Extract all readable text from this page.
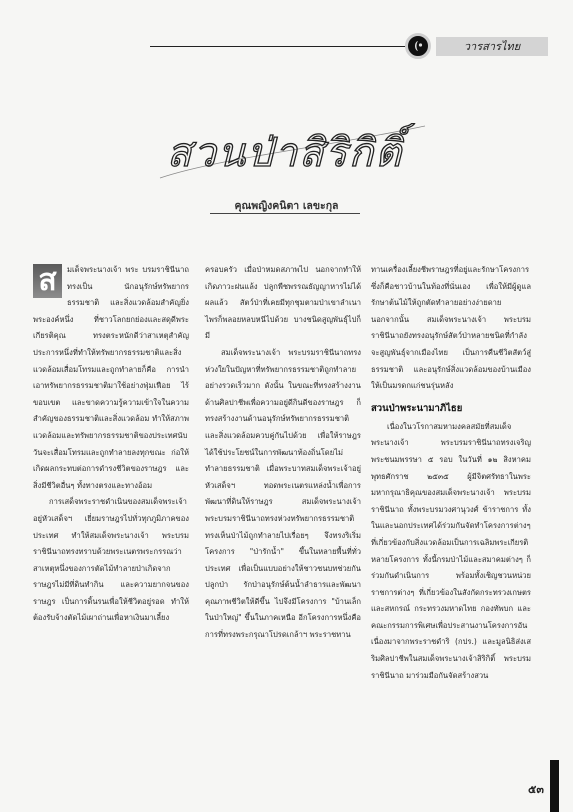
วารสารไทย
สวนป่าสิริกิติ์
คุณพญิงคนิตา เลขะกุล
ส	มเด็จพระนางเจ้า พระ บรมราชินีนาถ ทรงเป็น นักอนุรักษ์ทรัพยากร ธรรมชาติ และสิ่งแวดล้อมสำคัญยิ่ง พระองค์หนึ่ง ที่ชาวโลกยกย่องและสดุดีพระเกียรติคุณ ทรงตระหนักดีว่าสาเหตุสำคัญประการหนึ่งที่ทำให้ทรัพยากรธรรมชาติและสิ่งแวดล้อมเสื่อมโทรมและถูกทำลายก็คือ การนำเอาทรัพยากรธรรมชาติมาใช้อย่างฟุ่มเฟือย ไร้ขอบเขต และขาดความรู้ความเข้าใจในความสำคัญของธรรมชาติและสิ่งแวดล้อม ทำให้สภาพแวดล้อมและทรัพยากรธรรมชาติของประเทศนับวันจะเสื่อมโทรมและถูกทำลายลงทุกขณะ ก่อให้เกิดผลกระทบต่อการดำรงชีวิตของราษฎร และสิ่งมีชีวิตอื่นๆ ทั้งทางตรงและทางอ้อม

การเสด็จพระราชดำเนินของสมเด็จพระเจ้าอยู่หัวเสด็จฯ เยี่ยมราษฎรไปทั่วทุกภูมิภาคของประเทศ ทำให้สมเด็จพระนางเจ้า พระบรมราชินีนาถทรงทราบด้วยพระเนตรพระกรรณว่าสาเหตุหนึ่งของการตัดไม้ทำลายป่าเกิดจากราษฎรไม่มีที่ดินทำกิน และความยากจนของราษฎร เป็นการดิ้นรนเพื่อให้ชีวิตอยู่รอด ทำให้ต้องรับจ้างตัดไม้เผาถ่านเพื่อหาเงินมาเลี้ยง

ครอบครัว เมื่อป่าหมดสภาพไป นอกจากทำให้เกิดภาวะฝนแล้ง ปลูกพืชพรรณธัญญาหารไม่ได้ผลแล้ว สัตว์ป่าที่เคยมีทุกชุมตามป่าเขาลำเนาไพรก็พลอยหลบหนีไปด้วย บางชนิดสูญพันธุ์ไปก็มี

สมเด็จพระนางเจ้า พระบรมราชินีนาถทรงห่วงใยในปัญหาที่ทรัพยากรธรรมชาติถูกทำลายอย่างรวดเร็วมาก ดังนั้น ในขณะที่ทรงสร้างงานด้านศิลปาชีพเพื่อความอยู่ดีกินดีของราษฎร ก็ทรงสร้างงานด้านอนุรักษ์ทรัพยากรธรรมชาติและสิ่งแวดล้อมควบคู่กันไปด้วย เพื่อให้ราษฎรได้ใช้ประโยชน์ในการพัฒนาท้องถิ่นโดยไม่ทำลายธรรมชาติ เมื่อพระบาทสมเด็จพระเจ้าอยู่หัวเสด็จฯ ทอดพระเนตรแหล่งน้ำเพื่อการพัฒนาที่ดินให้ราษฎร สมเด็จพระนางเจ้า พระบรมราชินีนาถทรงห่วงทรัพยากรธรรมชาติ ทรงเห็นป่าไม้ถูกทำลายไปเรื่อยๆ จึงทรงริเริ่มโครงการ "ป่ารักน้ำ" ขึ้นในหลายพื้นที่ทั่วประเทศ เพื่อเป็นแบบอย่างให้ชาวชนบทช่วยกันปลูกป่า รักป่าอนุรักษ์ต้นน้ำลำธารและพัฒนาคุณภาพชีวิตให้ดีขึ้น ไปจึงมีโครงการ "บ้านเล็กในป่าใหญ่" ขึ้นในภาคเหนือ อีกโครงการหนึ่งคือการที่ทรงพระกรุณาโปรดเกล้าฯ พระราชทาน

ทานเครื่องเลี้ยงชีพราษฎรที่อยู่และรักษาโครงการ ซึ่งก็คือชาวบ้านในท้องที่นั่นเอง เพื่อให้มีผู้ดูแลรักษาต้นไม้ให้ถูกตัดทำลายอย่างง่ายดาย นอกจากนั้น สมเด็จพระนางเจ้า พระบรมราชินีนาถยังทรงอนุรักษ์สัตว์ป่าหลายชนิดที่กำลังจะสูญพันธุ์จากเมืองไทย เป็นการคืนชีวิตสัตว์สู่ธรรมชาติ และอนุรักษ์สิ่งแวดล้อมของบ้านเมืองให้เป็นมรดกแก่ชนรุ่นหลัง

สวนป่าพระนามาภิไธย

เนื่องในวโรกาสมหามงคลสมัยที่สมเด็จพระนางเจ้า พระบรมราชินีนาถทรงเจริญพระชนมพรรษา ๕ รอบ ในวันที่ ๑๒ สิงหาคม พุทธศักราช ๒๕๓๕ ผู้มีจิตศรัทธาในพระมหากรุณาธิคุณของสมเด็จพระนางเจ้า พระบรมราชินีนาถ ทั้งพระบรมวงศานุวงศ์ ข้าราชการ ทั้งในและนอกประเทศได้ร่วมกันจัดทำโครงการต่างๆ ที่เกี่ยวข้องกับสิ่งแวดล้อมเป็นการเฉลิมพระเกียรติ หลายโครงการ ทั้งนี้กรมป่าไม้และสมาคมต่างๆ ก็ร่วมกันดำเนินการ พร้อมทั้งเชิญชวนหน่วยราชการต่างๆ ที่เกี่ยวข้องในสังกัดกระทรวงเกษตรและสหกรณ์ กระทรวงมหาดไทย กองทัพบก และคณะกรรมการพิเศษเพื่อประสานงานโครงการอันเนื่องมาจากพระราชดำริ (กปร.) และมูลนิธิส่งเสริมศิลปาชีพในสมเด็จพระนางเจ้าสิริกิติ์ พระบรมราชินีนาถ มาร่วมมือกันจัดสร้างสวน

๕๓
